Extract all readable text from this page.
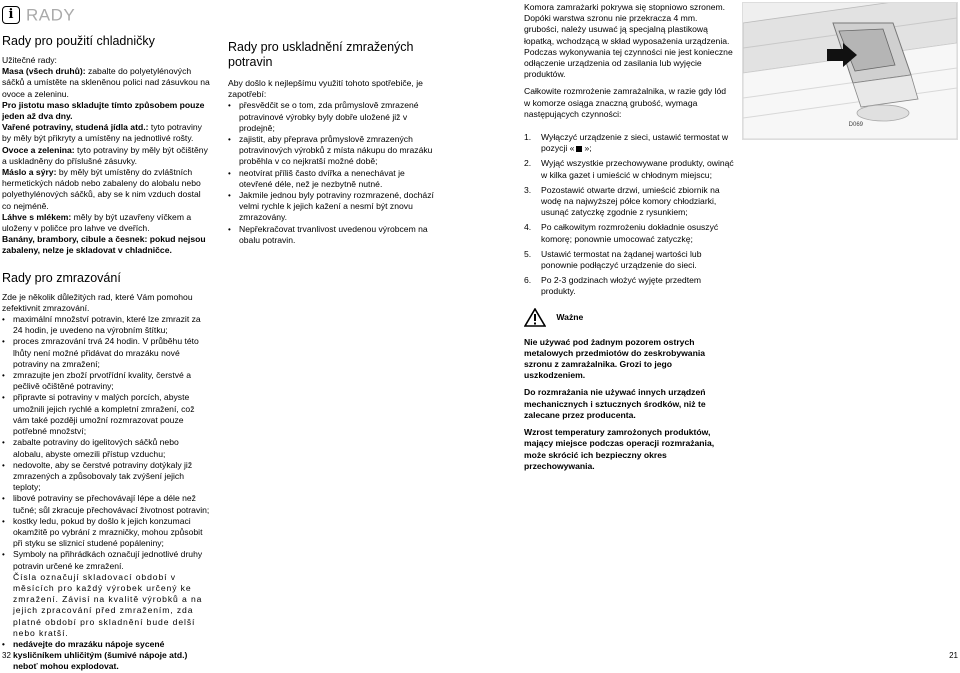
i RADY
Rady pro použití chladničky

Užitečné rady:

Masa (všech druhů): zabalte do polyetylénových sáčků a umístěte na skleněnou polici nad zásuvkou na ovoce a zeleninu.

Pro jistotu maso skladujte tímto způsobem pouze jeden až dva dny.

Vařené potraviny, studená jídla atd.: tyto potraviny by měly být přikryty a umístěny na jednotlivé rošty.

Ovoce a zelenina: tyto potraviny by měly být očištěny a uskladněny do příslušné zásuvky.

Máslo a sýry: by měly být umístěny do zvláštních hermetických nádob nebo zabaleny do alobalu nebo polyethylénových sáčků, aby se k nim vzduch dostal co nejméně.

Láhve s mlékem: měly by být uzavřeny víčkem a uloženy v poličce pro lahve ve dveřích.

Banány, brambory, cibule a česnek: pokud nejsou zabaleny, nelze je skladovat v chladničce.

Rady pro zmrazování

Zde je několik důležitých rad, které Vám pomohou zefektivnit zmrazování.

• maximální množství potravin, které lze zmrazit za 24 hodin, je uvedeno na výrobním štítku;
• proces zmrazování trvá 24 hodin. V průběhu této lhůty není možné přidávat do mrazáku nové potraviny na zmražení;
• zmrazujte jen zboží prvotřídní kvality, čerstvé a pečlivě očištěné potraviny;
• připravte si potraviny v malých porcích, abyste umožnili jejich rychlé a kompletní zmražení, což vám také později umožní rozmrazovat pouze potřebné množství;
• zabalte potraviny do igelitových sáčků nebo alobalu, abyste omezili přístup vzduchu;
• nedovolte, aby se čerstvé potraviny dotýkaly již zmrazených a způsobovaly tak zvýšení jejich teploty;
• libové potraviny se přechovávají lépe a déle než tučné; sůl zkracuje přechovávací životnost potravin;
• kostky ledu, pokud by došlo k jejich konzumaci okamžitě po vybrání z mrazničky, mohou způsobit při styku se sliznicí studené popáleniny;
• Symboly na přihrádkách označují jednotlivé druhy potravin určené ke zmražení.

Čísla označují skladovací období v měsících pro každý výrobek určený ke zmražení. Závisí na kvalitě výrobků a na jejich zpracování před zmražením, zda platné období pro skladnění bude delší nebo kratší.

• nedávejte do mrazáku nápoje sycené kysličníkem uhličitým (šumivé nápoje atd.) neboť mohou explodovat.
Rady pro uskladnění zmražených potravin

Aby došlo k nejlepšímu využití tohoto spotřebiče, je zapotřebí:

• přesvědčit se o tom, zda průmyslově zmrazené potravinové výrobky byly dobře uložené již v prodejně;
• zajistit, aby přeprava průmyslově zmrazených potravinových výrobků z místa nákupu do mrazáku proběhla v co nejkratší možné době;
• neotvírat příliš často dvířka a nenechávat je otevřené déle, než je nezbytně nutné.
• Jakmile jednou byly potraviny rozmrazené, dochází velmi rychle k jejich kažení a nesmí být znovu zmrazovány.
• Nepřekračovat trvanlivost uvedenou výrobcem na obalu potravin.

Komora zamrażarki pokrywa się stopniowo szronem. Dopóki warstwa szronu nie przekracza 4 mm. grubości, należy usuwać ją specjalną plastikową łopatką, wchodzącą w skład wyposażenia urządzenia. Podczas wykonywania tej czynności nie jest konieczne odłączenie urządzenia od zasilania lub wyjęcie produktów.

Całkowite rozmrożenie zamrażalnika, w razie gdy lód w komorze osiąga znaczną grubość, wymaga następujących czynności:

1. Wyłączyć urządzenie z sieci, ustawić termostat w pozycji « »;
2. Wyjąć wszystkie przechowywane produkty, owinąć w kilka gazet i umieścić w chłodnym miejscu;
3. Pozostawić otwarte drzwi, umieścić zbiornik na wodę na najwyższej półce komory chłodziarki, usunąć zatyczkę zgodnie z rysunkiem;
4. Po całkowitym rozmrożeniu dokładnie osuszyć komorę; ponownie umocować zatyczkę;
5. Ustawić termostat na żądanej wartości lub ponownie podłączyć urządzenie do sieci.
6. Po 2-3 godzinach włożyć wyjęte przedtem produkty.
Ważne

Nie używać pod żadnym pozorem ostrych metalowych przedmiotów do zeskrobywania szronu z zamrażalnika. Grozi to jego uszkodzeniem.

Do rozmrażania nie używać innych urządzeń mechanicznych i sztucznych środków, niż te zalecane przez producenta.

Wzrost temperatury zamrożonych produktów, mający miejsce podczas operacji rozmrażania, może skrócić ich bezpieczny okres przechowywania.

D069
32	21
